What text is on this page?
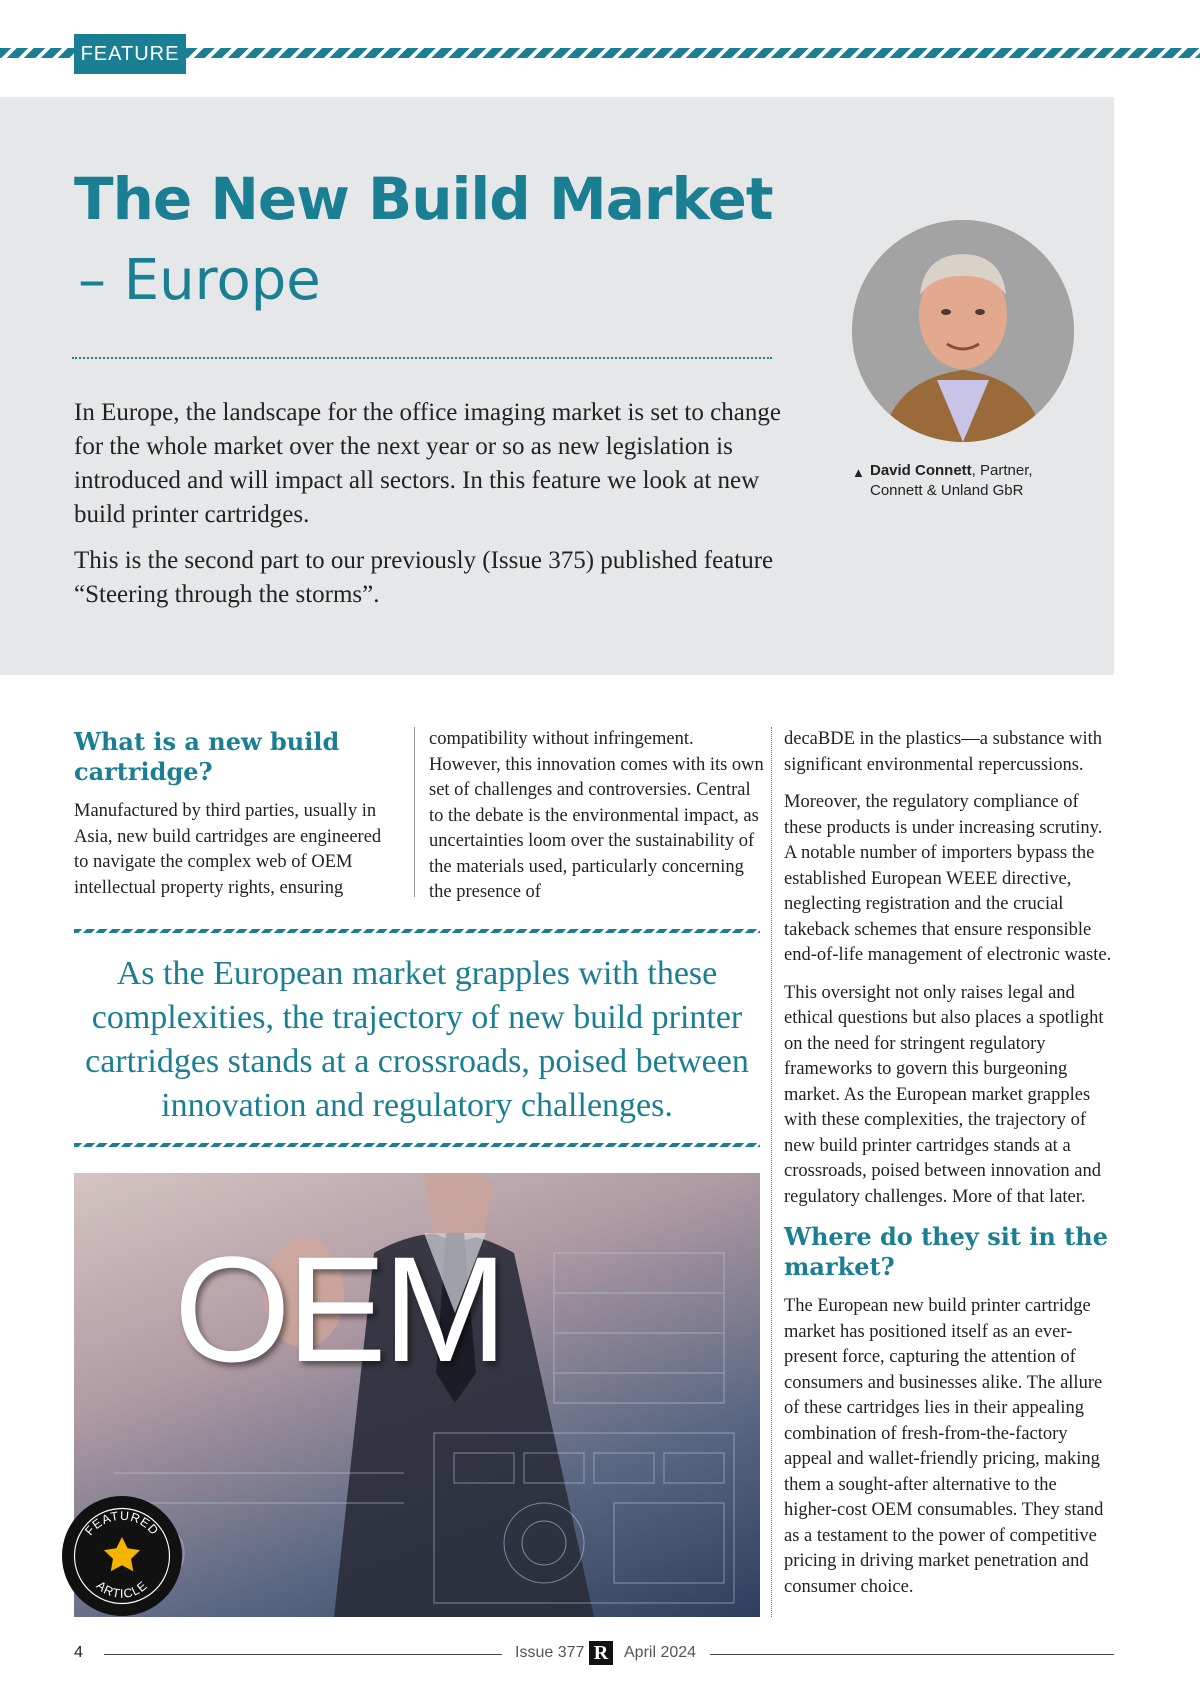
FEATURE
The New Build Market
– Europe

In Europe, the landscape for the office imaging market is set to change for the whole market over the next year or so as new legislation is introduced and will impact all sectors. In this feature we look at new build printer cartridges.

This is the second part to our previously (Issue 375) published feature “Steering through the storms”.

▲ David Connett, Partner,
Connett & Unland GbR
What is a new build cartridge?

Manufactured by third parties, usually in Asia, new build cartridges are engineered to navigate the complex web of OEM intellectual property rights, ensuring

compatibility without infringement. However, this innovation comes with its own set of challenges and controversies. Central to the debate is the environmental impact, as uncertainties loom over the sustainability of the materials used, particularly concerning the presence of

decaBDE in the plastics—a substance with significant environmental repercussions.

Moreover, the regulatory compliance of these products is under increasing scrutiny. A notable number of importers bypass the established European WEEE directive, neglecting registration and the crucial takeback schemes that ensure responsible end-of-life management of electronic waste.

This oversight not only raises legal and ethical questions but also places a spotlight on the need for stringent regulatory frameworks to govern this burgeoning market. As the European market grapples with these complexities, the trajectory of new build printer cartridges stands at a crossroads, poised between innovation and regulatory challenges. More of that later.

Where do they sit in the market?

The European new build printer cartridge market has positioned itself as an ever-present force, capturing the attention of consumers and businesses alike. The allure of these cartridges lies in their appealing combination of fresh-from-the-factory appeal and wallet-friendly pricing, making them a sought-after alternative to the higher-cost OEM consumables. They stand as a testament to the power of competitive pricing in driving market penetration and consumer choice.

As the European market grapples with these complexities, the trajectory of new build printer cartridges stands at a crossroads, poised between innovation and regulatory challenges.
OEM
FEATURED
ARTICLE
4	Issue 377 R April 2024
